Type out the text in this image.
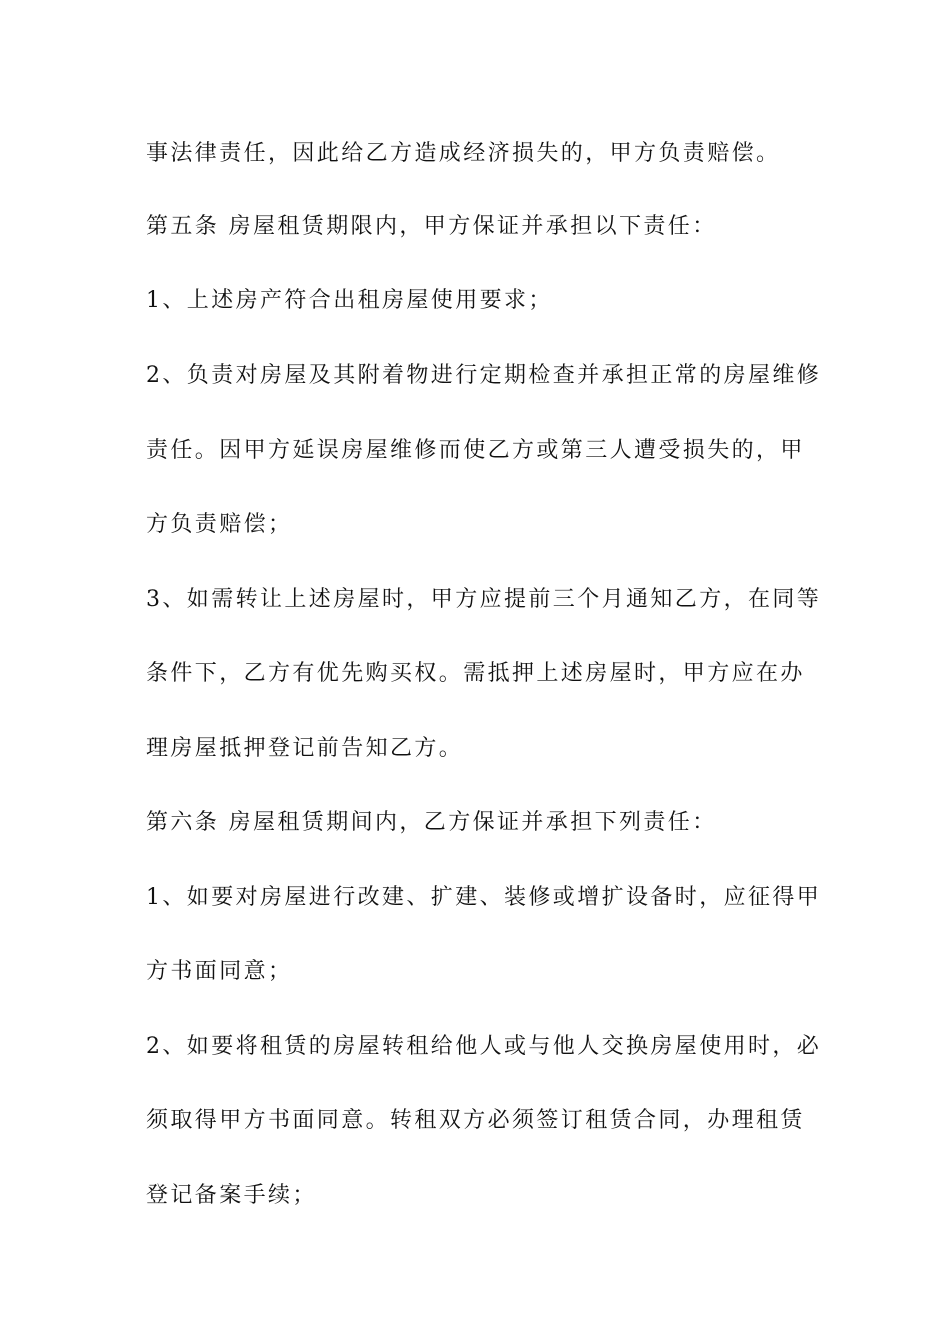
事法律责任，因此给乙方造成经济损失的，甲方负责赔偿。
第五条 房屋租赁期限内，甲方保证并承担以下责任：
1、上述房产符合出租房屋使用要求；
2、负责对房屋及其附着物进行定期检查并承担正常的房屋维修
责任。因甲方延误房屋维修而使乙方或第三人遭受损失的，甲
方负责赔偿；
3、如需转让上述房屋时，甲方应提前三个月通知乙方，在同等
条件下，乙方有优先购买权。需抵押上述房屋时，甲方应在办
理房屋抵押登记前告知乙方。
第六条 房屋租赁期间内，乙方保证并承担下列责任：
1、如要对房屋进行改建、扩建、装修或增扩设备时，应征得甲
方书面同意；
2、如要将租赁的房屋转租给他人或与他人交换房屋使用时，必
须取得甲方书面同意。转租双方必须签订租赁合同，办理租赁
登记备案手续；
